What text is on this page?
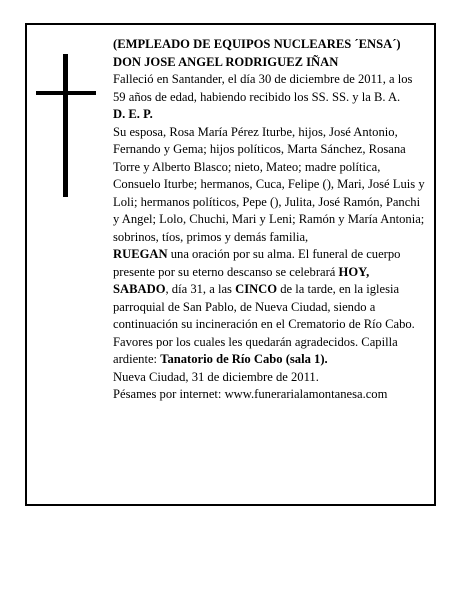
(EMPLEADO DE EQUIPOS NUCLEARES ´ENSA´)

DON JOSE ANGEL RODRIGUEZ IÑAN

Falleció en Santander, el día 30 de diciembre de 2011, a los 59 años de edad, habiendo recibido los SS. SS. y la B. A.

D. E. P.

Su esposa, Rosa María Pérez Iturbe, hijos, José Antonio, Fernando y Gema; hijos políticos, Marta Sánchez, Rosana Torre y Alberto Blasco; nieto, Mateo; madre política, Consuelo Iturbe; hermanos, Cuca, Felipe (), Mari, José Luis y Loli; hermanos políticos, Pepe (), Julita, José Ramón, Panchi y Angel; Lolo, Chuchi, Mari y Leni; Ramón y María Antonia; sobrinos, tíos, primos y demás familia,

RUEGAN una oración por su alma. El funeral de cuerpo presente por su eterno descanso se celebrará HOY, SABADO, día 31, a las CINCO de la tarde, en la iglesia parroquial de San Pablo, de Nueva Ciudad, siendo a continuación su incineración en el Crematorio de Río Cabo. Favores por los cuales les quedarán agradecidos. Capilla ardiente: Tanatorio de Río Cabo (sala 1).

Nueva Ciudad, 31 de diciembre de 2011.

Pésames por internet: www.funerarialamontanesa.com
